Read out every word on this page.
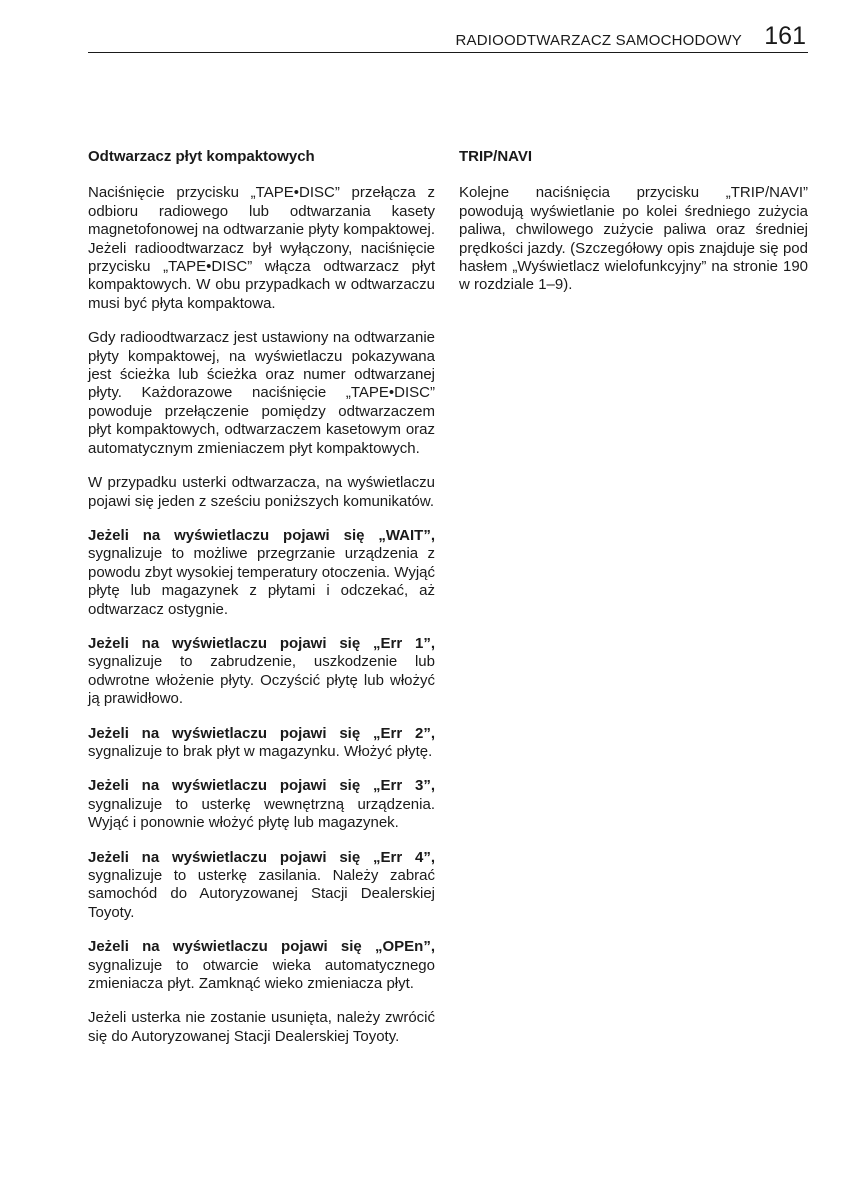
RADIOODTWARZACZ SAMOCHODOWY 161

Odtwarzacz płyt kompaktowych

Naciśnięcie przycisku „TAPE•DISC” przełącza z odbioru radiowego lub odtwarzania kasety magnetofonowej na odtwarzanie płyty kompaktowej. Jeżeli radioodtwarzacz był wyłączony, naciśnięcie przycisku „TAPE•DISC” włącza odtwarzacz płyt kompaktowych. W obu przypadkach w odtwarzaczu musi być płyta kompaktowa.

Gdy radioodtwarzacz jest ustawiony na odtwarzanie płyty kompaktowej, na wyświetlaczu pokazywana jest ścieżka lub ścieżka oraz numer odtwarzanej płyty. Każdorazowe naciśnięcie „TAPE•DISC” powoduje przełączenie pomiędzy odtwarzaczem płyt kompaktowych, odtwarzaczem kasetowym oraz automatycznym zmieniaczem płyt kompaktowych.

W przypadku usterki odtwarzacza, na wyświetlaczu pojawi się jeden z sześciu poniższych komunikatów.

Jeżeli na wyświetlaczu pojawi się „WAIT”, sygnalizuje to możliwe przegrzanie urządzenia z powodu zbyt wysokiej temperatury otoczenia. Wyjąć płytę lub magazynek z płytami i odczekać, aż odtwarzacz ostygnie.

Jeżeli na wyświetlaczu pojawi się „Err 1”, sygnalizuje to zabrudzenie, uszkodzenie lub odwrotne włożenie płyty. Oczyścić płytę lub włożyć ją prawidłowo.

Jeżeli na wyświetlaczu pojawi się „Err 2”, sygnalizuje to brak płyt w magazynku. Włożyć płytę.

Jeżeli na wyświetlaczu pojawi się „Err 3”, sygnalizuje to usterkę wewnętrzną urządzenia. Wyjąć i ponownie włożyć płytę lub magazynek.

Jeżeli na wyświetlaczu pojawi się „Err 4”, sygnalizuje to usterkę zasilania. Należy zabrać samochód do Autoryzowanej Stacji Dealerskiej Toyoty.

Jeżeli na wyświetlaczu pojawi się „OPEn”, sygnalizuje to otwarcie wieka automatycznego zmieniacza płyt. Zamknąć wieko zmieniacza płyt.

Jeżeli usterka nie zostanie usunięta, należy zwrócić się do Autoryzowanej Stacji Dealerskiej Toyoty.

TRIP/NAVI

Kolejne naciśnięcia przycisku „TRIP/NAVI” powodują wyświetlanie po kolei średniego zużycia paliwa, chwilowego zużycie paliwa oraz średniej prędkości jazdy. (Szczegółowy opis znajduje się pod hasłem „Wyświetlacz wielofunkcyjny” na stronie 190 w rozdziale 1–9).
